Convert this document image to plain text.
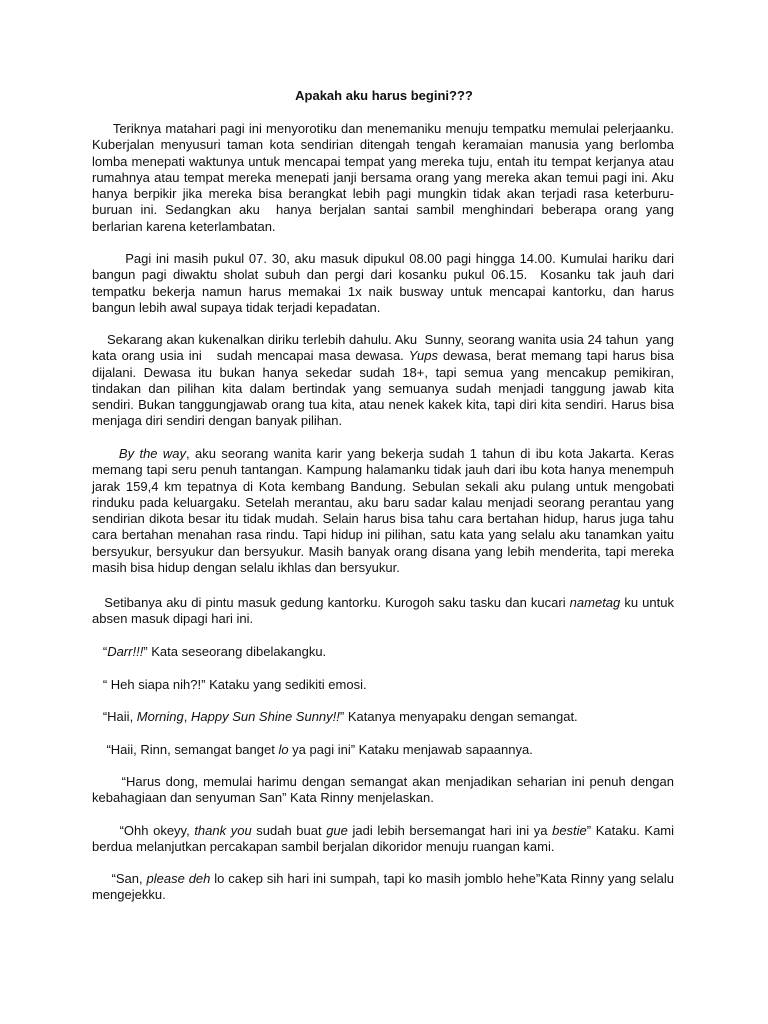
Apakah aku harus begini???
Teriknya matahari pagi ini menyorotiku dan menemaniku menuju tempatku memulai pelerjaanku. Kuberjalan menyusuri taman kota sendirian ditengah tengah keramaian manusia yang berlomba lomba menepati waktunya untuk mencapai tempat yang mereka tuju, entah itu tempat kerjanya atau rumahnya atau tempat mereka menepati janji bersama orang yang mereka akan temui pagi ini. Aku hanya berpikir jika mereka bisa berangkat lebih pagi mungkin tidak akan terjadi rasa keterburu-buruan ini. Sedangkan aku  hanya berjalan santai sambil menghindari beberapa orang yang berlarian karena keterlambatan.
Pagi ini masih pukul 07. 30, aku masuk dipukul 08.00 pagi hingga 14.00. Kumulai hariku dari bangun pagi diwaktu sholat subuh dan pergi dari kosanku pukul 06.15.  Kosanku tak jauh dari tempatku bekerja namun harus memakai 1x naik busway untuk mencapai kantorku, dan harus bangun lebih awal supaya tidak terjadi kepadatan.
Sekarang akan kukenalkan diriku terlebih dahulu. Aku  Sunny, seorang wanita usia 24 tahun  yang kata orang usia ini   sudah mencapai masa dewasa. Yups dewasa, berat memang tapi harus bisa dijalani. Dewasa itu bukan hanya sekedar sudah 18+, tapi semua yang mencakup pemikiran, tindakan dan pilihan kita dalam bertindak yang semuanya sudah menjadi tanggung jawab kita sendiri. Bukan tanggungjawab orang tua kita, atau nenek kakek kita, tapi diri kita sendiri. Harus bisa menjaga diri sendiri dengan banyak pilihan.
By the way, aku seorang wanita karir yang bekerja sudah 1 tahun di ibu kota Jakarta. Keras memang tapi seru penuh tantangan. Kampung halamanku tidak jauh dari ibu kota hanya menempuh jarak 159,4 km tepatnya di Kota kembang Bandung. Sebulan sekali aku pulang untuk mengobati rinduku pada keluargaku. Setelah merantau, aku baru sadar kalau menjadi seorang perantau yang sendirian dikota besar itu tidak mudah. Selain harus bisa tahu cara bertahan hidup, harus juga tahu cara bertahan menahan rasa rindu. Tapi hidup ini pilihan, satu kata yang selalu aku tanamkan yaitu bersyukur, bersyukur dan bersyukur. Masih banyak orang disana yang lebih menderita, tapi mereka masih bisa hidup dengan selalu ikhlas dan bersyukur.
Setibanya aku di pintu masuk gedung kantorku. Kurogoh saku tasku dan kucari nametag ku untuk absen masuk dipagi hari ini.
“Darr!!!” Kata seseorang dibelakangku.
“ Heh siapa nih?!” Kataku yang sedikiti emosi.
“Haii, Morning, Happy Sun Shine Sunny!!” Katanya menyapaku dengan semangat.
“Haii, Rinn, semangat banget lo ya pagi ini” Kataku menjawab sapaannya.
“Harus dong, memulai harimu dengan semangat akan menjadikan seharian ini penuh dengan kebahagiaan dan senyuman San” Kata Rinny menjelaskan.
“Ohh okeyy, thank you sudah buat gue jadi lebih bersemangat hari ini ya bestie” Kataku. Kami berdua melanjutkan percakapan sambil berjalan dikoridor menuju ruangan kami.
“San, please deh lo cakep sih hari ini sumpah, tapi ko masih jomblo hehe”Kata Rinny yang selalu mengejekku.
